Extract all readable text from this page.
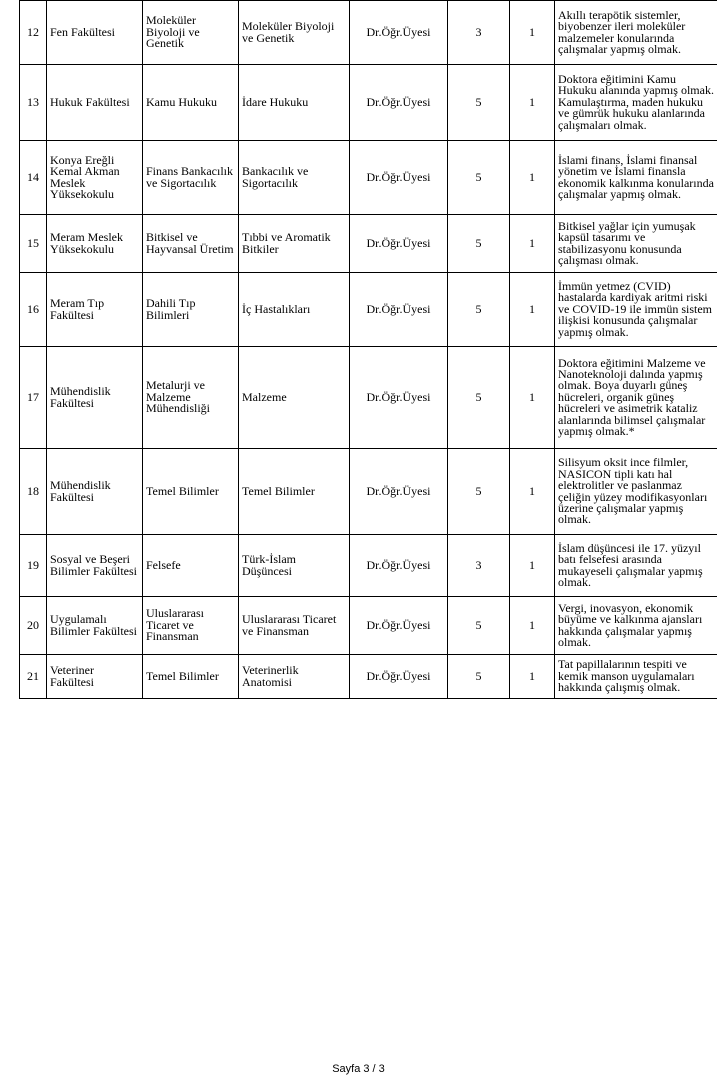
12	Fen Fakültesi	Moleküler Biyoloji ve Genetik	Moleküler Biyoloji ve Genetik	Dr.Öğr.Üyesi	3	1	Akıllı terapötik sistemler, biyobenzer ileri moleküler malzemeler konularında çalışmalar yapmış olmak.
13	Hukuk Fakültesi	Kamu Hukuku	İdare Hukuku	Dr.Öğr.Üyesi	5	1	Doktora eğitimini Kamu Hukuku alanında yapmış olmak. Kamulaştırma, maden hukuku ve gümrük hukuku alanlarında çalışmaları olmak.
14	Konya Ereğli Kemal Akman Meslek Yüksekokulu	Finans Bankacılık ve Sigortacılık	Bankacılık ve Sigortacılık	Dr.Öğr.Üyesi	5	1	İslami finans, İslami finansal yönetim ve İslami finansla ekonomik kalkınma konularında çalışmalar yapmış olmak.
15	Meram Meslek Yüksekokulu	Bitkisel ve Hayvansal Üretim	Tıbbi ve Aromatik Bitkiler	Dr.Öğr.Üyesi	5	1	Bitkisel yağlar için yumuşak kapsül tasarımı ve stabilizasyonu konusunda çalışması olmak.
16	Meram Tıp Fakültesi	Dahili Tıp Bilimleri	İç Hastalıkları	Dr.Öğr.Üyesi	5	1	İmmün yetmez (CVID) hastalarda kardiyak aritmi riski ve COVID-19 ile immün sistem ilişkisi konusunda çalışmalar yapmış olmak.
17	Mühendislik Fakültesi	Metalurji ve Malzeme Mühendisliği	Malzeme	Dr.Öğr.Üyesi	5	1	Doktora eğitimini Malzeme ve Nanoteknoloji dalında yapmış olmak. Boya duyarlı güneş hücreleri, organik güneş hücreleri ve asimetrik kataliz alanlarında bilimsel çalışmalar yapmış olmak.*
18	Mühendislik Fakültesi	Temel Bilimler	Temel Bilimler	Dr.Öğr.Üyesi	5	1	Silisyum oksit ince filmler, NASICON tipli katı hal elektrolitler ve paslanmaz çeliğin yüzey modifikasyonları üzerine çalışmalar yapmış olmak.
19	Sosyal ve Beşeri Bilimler Fakültesi	Felsefe	Türk-İslam Düşüncesi	Dr.Öğr.Üyesi	3	1	İslam düşüncesi ile 17. yüzyıl batı felsefesi arasında mukayeseli çalışmalar yapmış olmak.
20	Uygulamalı Bilimler Fakültesi	Uluslararası Ticaret ve Finansman	Uluslararası Ticaret ve Finansman	Dr.Öğr.Üyesi	5	1	Vergi, inovasyon, ekonomik büyüme ve kalkınma ajansları hakkında çalışmalar yapmış olmak.
21	Veteriner Fakültesi	Temel Bilimler	Veterinerlik Anatomisi	Dr.Öğr.Üyesi	5	1	Tat papillalarının tespiti ve kemik manson uygulamaları hakkında çalışmış olmak.
Sayfa 3 / 3
